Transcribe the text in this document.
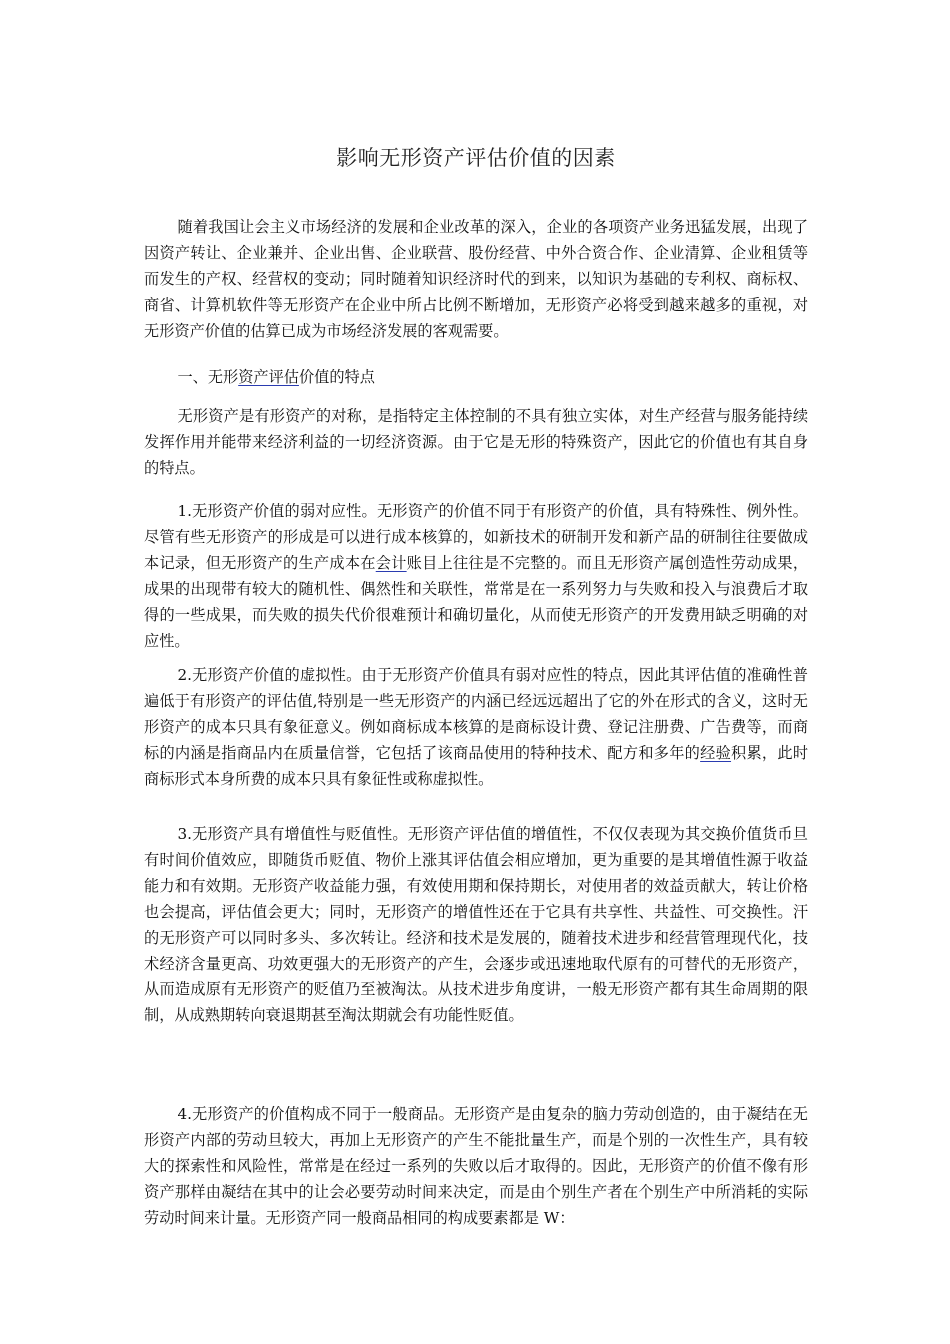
影响无形资产评估价值的因素

随着我国让会主义市场经济的发展和企业改革的深入，企业的各项资产业务迅猛发展，出现了因资产转让、企业兼并、企业出售、企业联营、股份经营、中外合资合作、企业清算、企业租赁等而发生的产权、经营权的变动；同时随着知识经济时代的到来，以知识为基础的专利权、商标权、商省、计算机软件等无形资产在企业中所占比例不断增加，无形资产必将受到越来越多的重视，对无形资产价值的估算已成为市场经济发展的客观需要。

一、无形资产评估价值的特点

无形资产是有形资产的对称，是指特定主体控制的不具有独立实体，对生产经营与服务能持续发挥作用并能带来经济利益的一切经济资源。由于它是无形的特殊资产，因此它的价值也有其自身的特点。

1.无形资产价值的弱对应性。无形资产的价值不同于有形资产的价值，具有特殊性、例外性。尽管有些无形资产的形成是可以进行成本核算的，如新技术的研制开发和新产品的研制往往要做成本记录，但无形资产的生产成本在会计账目上往往是不完整的。而且无形资产属创造性劳动成果，成果的出现带有较大的随机性、偶然性和关联性，常常是在一系列努力与失败和投入与浪费后才取得的一些成果，而失败的损失代价很难预计和确切量化，从而使无形资产的开发费用缺乏明确的对应性。

2.无形资产价值的虚拟性。由于无形资产价值具有弱对应性的特点，因此其评估值的准确性普遍低于有形资产的评估值,特别是一些无形资产的内涵已经远远超出了它的外在形式的含义，这时无形资产的成本只具有象征意义。例如商标成本核算的是商标设计费、登记注册费、广告费等，而商标的内涵是指商品内在质量信誉，它包括了该商品使用的特种技术、配方和多年的经验积累，此时商标形式本身所费的成本只具有象征性或称虚拟性。

3.无形资产具有增值性与贬值性。无形资产评估值的增值性，不仅仅表现为其交换价值货币旦有时间价值效应，即随货币贬值、物价上涨其评估值会相应增加，更为重要的是其增值性源于收益能力和有效期。无形资产收益能力强，有效使用期和保持期长，对使用者的效益贡献大，转让价格也会提高，评估值会更大；同时，无形资产的增值性还在于它具有共享性、共益性、可交换性。汗的无形资产可以同时多头、多次转让。经济和技术是发展的，随着技术进步和经营管理现代化，技术经济含量更高、功效更强大的无形资产的产生，会逐步或迅速地取代原有的可替代的无形资产，从而造成原有无形资产的贬值乃至被淘汰。从技术进步角度讲，一般无形资产都有其生命周期的限制，从成熟期转向衰退期甚至淘汰期就会有功能性贬值。

4.无形资产的价值构成不同于一般商品。无形资产是由复杂的脑力劳动创造的，由于凝结在无形资产内部的劳动旦较大，再加上无形资产的产生不能批量生产，而是个别的一次性生产，具有较大的探索性和风险性，常常是在经过一系列的失败以后才取得的。因此，无形资产的价值不像有形资产那样由凝结在其中的让会必要劳动时间来决定，而是由个别生产者在个别生产中所消耗的实际劳动时间来计量。无形资产同一般商品相同的构成要素都是 W：
